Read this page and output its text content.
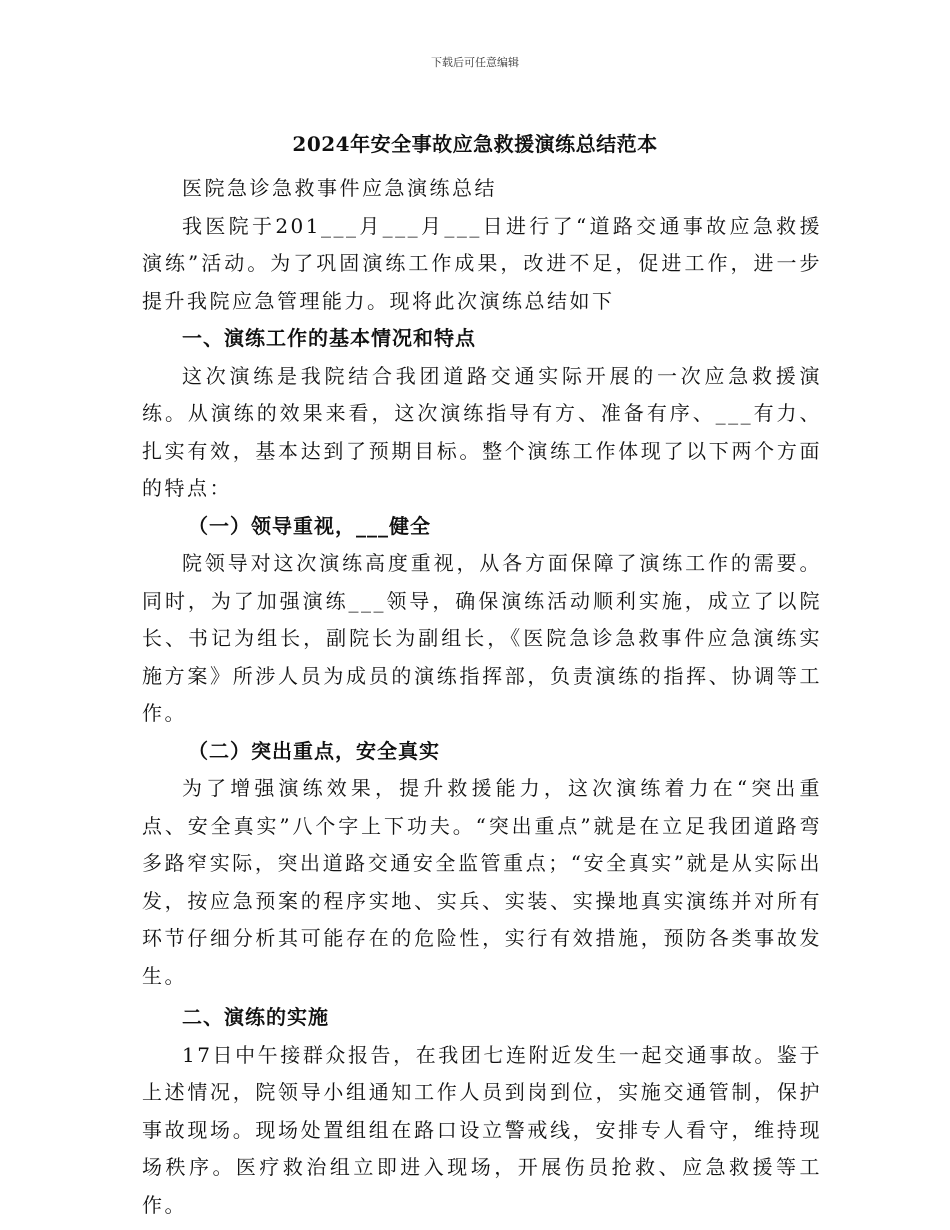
下载后可任意编辑
2024年安全事故应急救援演练总结范本

医院急诊急救事件应急演练总结

我医院于201___月___月___日进行了“道路交通事故应急救援演练”活动。为了巩固演练工作成果，改进不足，促进工作，进一步提升我院应急管理能力。现将此次演练总结如下

一、演练工作的基本情况和特点

这次演练是我院结合我团道路交通实际开展的一次应急救援演练。从演练的效果来看，这次演练指导有方、准备有序、___有力、扎实有效，基本达到了预期目标。整个演练工作体现了以下两个方面的特点：

（一）领导重视，___健全

院领导对这次演练高度重视，从各方面保障了演练工作的需要。同时，为了加强演练___领导，确保演练活动顺利实施，成立了以院长、书记为组长，副院长为副组长，《医院急诊急救事件应急演练实施方案》所涉人员为成员的演练指挥部，负责演练的指挥、协调等工作。

（二）突出重点，安全真实

为了增强演练效果，提升救援能力，这次演练着力在“突出重点、安全真实”八个字上下功夫。“突出重点”就是在立足我团道路弯多路窄实际，突出道路交通安全监管重点；“安全真实”就是从实际出发，按应急预案的程序实地、实兵、实装、实操地真实演练并对所有环节仔细分析其可能存在的危险性，实行有效措施，预防各类事故发生。

二、演练的实施

17日中午接群众报告，在我团七连附近发生一起交通事故。鉴于上述情况，院领导小组通知工作人员到岗到位，实施交通管制，保护事故现场。现场处置组组在路口设立警戒线，安排专人看守，维持现场秩序。医疗救治组立即进入现场，开展伤员抢救、应急救援等工作。
